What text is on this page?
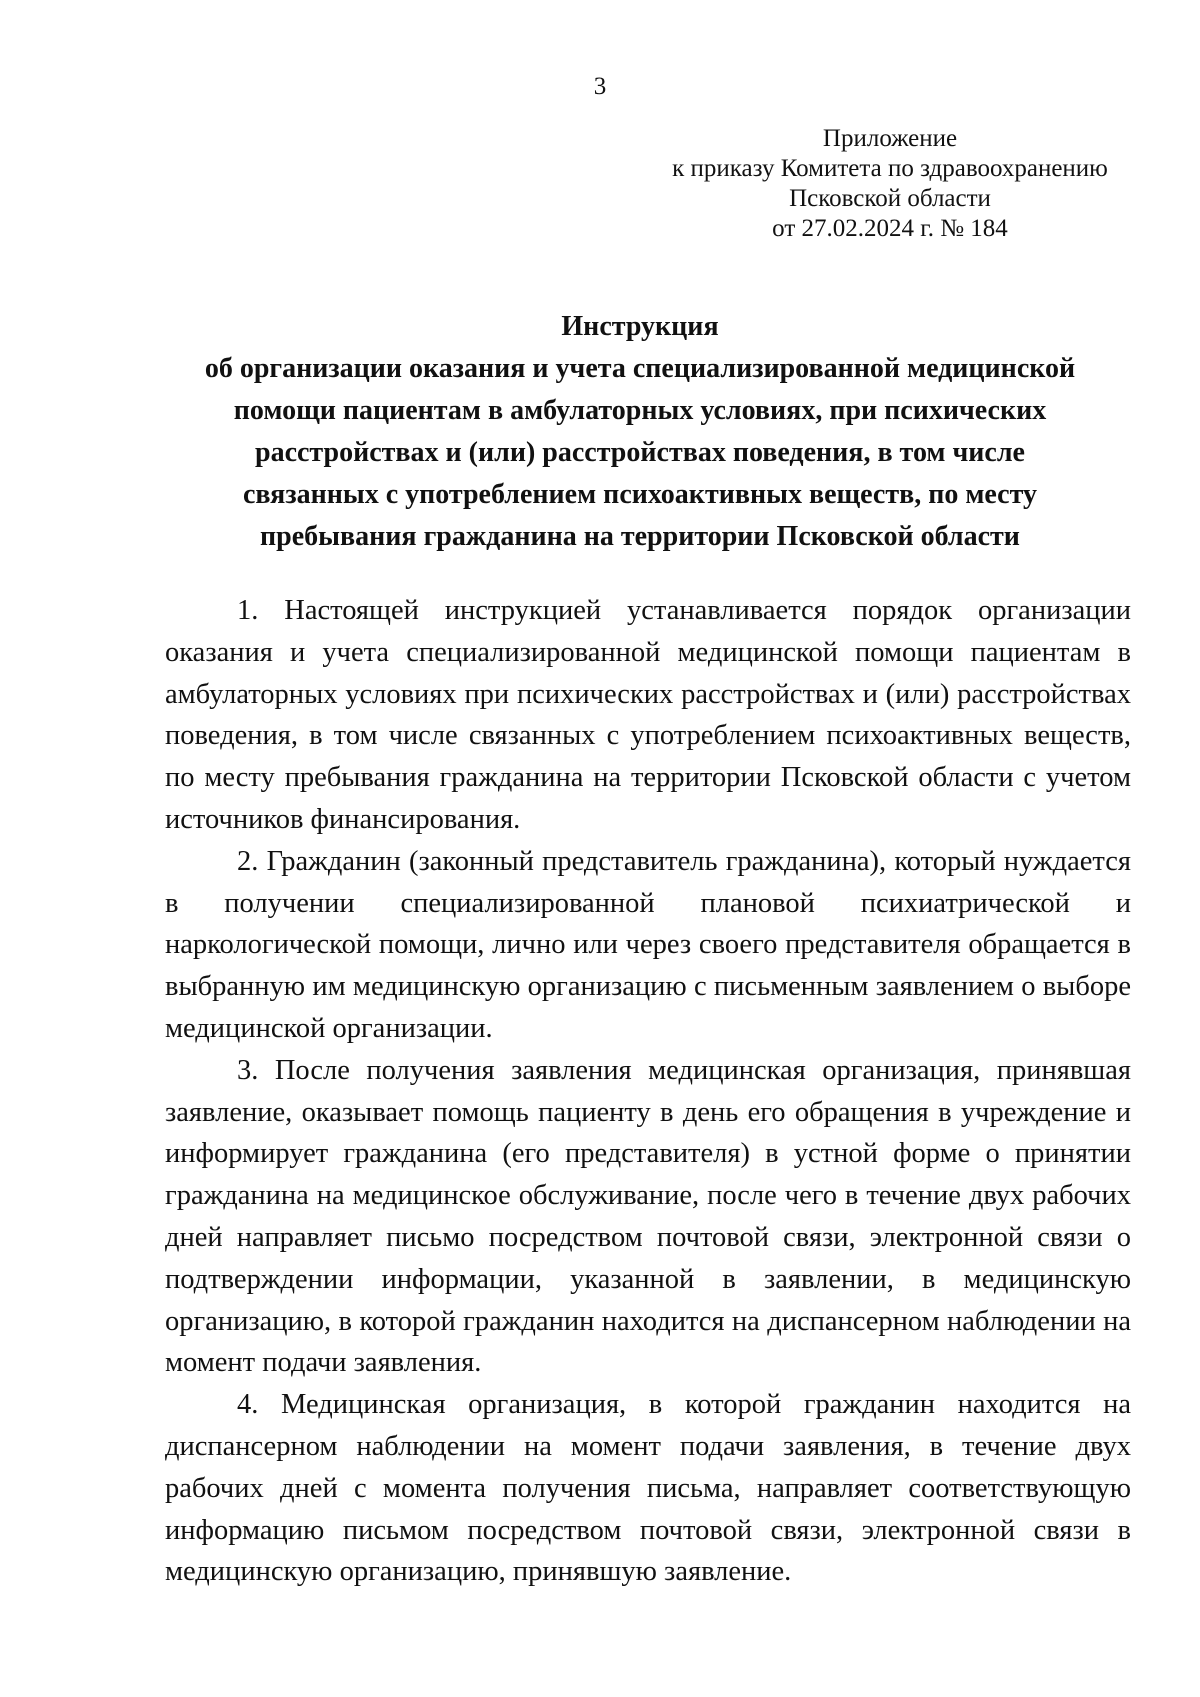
3
Приложение
к приказу Комитета по здравоохранению
Псковской области
от 27.02.2024 г. № 184
Инструкция
об организации оказания и учета специализированной медицинской
помощи пациентам в амбулаторных условиях, при психических
расстройствах и (или) расстройствах поведения, в том числе
связанных с употреблением психоактивных веществ, по месту
пребывания гражданина на территории Псковской области

1. Настоящей инструкцией устанавливается порядок организации оказания и учета специализированной медицинской помощи пациентам в амбулаторных условиях при психических расстройствах и (или) расстройствах поведения, в том числе связанных с употреблением психоактивных веществ, по месту пребывания гражданина на территории Псковской области с учетом источников финансирования.

2. Гражданин (законный представитель гражданина), который нуждается в получении специализированной плановой психиатрической и наркологической помощи, лично или через своего представителя обращается в выбранную им медицинскую организацию с письменным заявлением о выборе медицинской организации.

3. После получения заявления медицинская организация, принявшая заявление, оказывает помощь пациенту в день его обращения в учреждение и информирует гражданина (его представителя) в устной форме о принятии гражданина на медицинское обслуживание, после чего в течение двух рабочих дней направляет письмо посредством почтовой связи, электронной связи о подтверждении информации, указанной в заявлении, в медицинскую организацию, в которой гражданин находится на диспансерном наблюдении на момент подачи заявления.

4. Медицинская организация, в которой гражданин находится на диспансерном наблюдении на момент подачи заявления, в течение двух рабочих дней с момента получения письма, направляет соответствующую информацию письмом посредством почтовой связи, электронной связи в медицинскую организацию, принявшую заявление.
